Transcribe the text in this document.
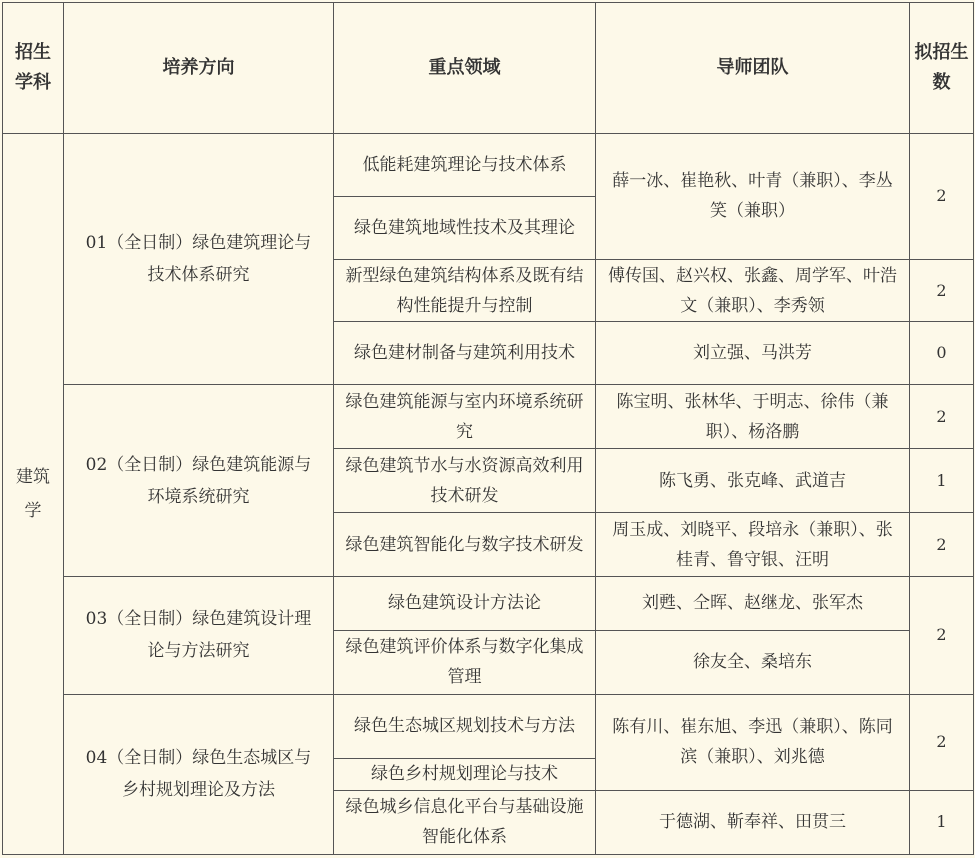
招生学科	培养方向	重点领域	导师团队	拟招生数
建筑学	01（全日制）绿色建筑理论与技术体系研究	低能耗建筑理论与技术体系	薛一冰、崔艳秋、叶青（兼职）、李丛笑（兼职）	2
		绿色建筑地域性技术及其理论		
		新型绿色建筑结构体系及既有结构性能提升与控制	傅传国、赵兴权、张鑫、周学军、叶浩文（兼职）、李秀领	2
		绿色建材制备与建筑利用技术	刘立强、马洪芳	0
	02（全日制）绿色建筑能源与环境系统研究	绿色建筑能源与室内环境系统研究	陈宝明、张林华、于明志、徐伟（兼职）、杨洛鹏	2
		绿色建筑节水与水资源高效利用技术研发	陈飞勇、张克峰、武道吉	1
		绿色建筑智能化与数字技术研发	周玉成、刘晓平、段培永（兼职）、张桂青、鲁守银、汪明	2
	03（全日制）绿色建筑设计理论与方法研究	绿色建筑设计方法论	刘甦、仝晖、赵继龙、张军杰	2
		绿色建筑评价体系与数字化集成管理	徐友全、桑培东	
	04（全日制）绿色生态城区与乡村规划理论及方法	绿色生态城区规划技术与方法	陈有川、崔东旭、李迅（兼职）、陈同滨（兼职）、刘兆德	2
		绿色乡村规划理论与技术		
		绿色城乡信息化平台与基础设施智能化体系	于德湖、靳奉祥、田贯三	1
